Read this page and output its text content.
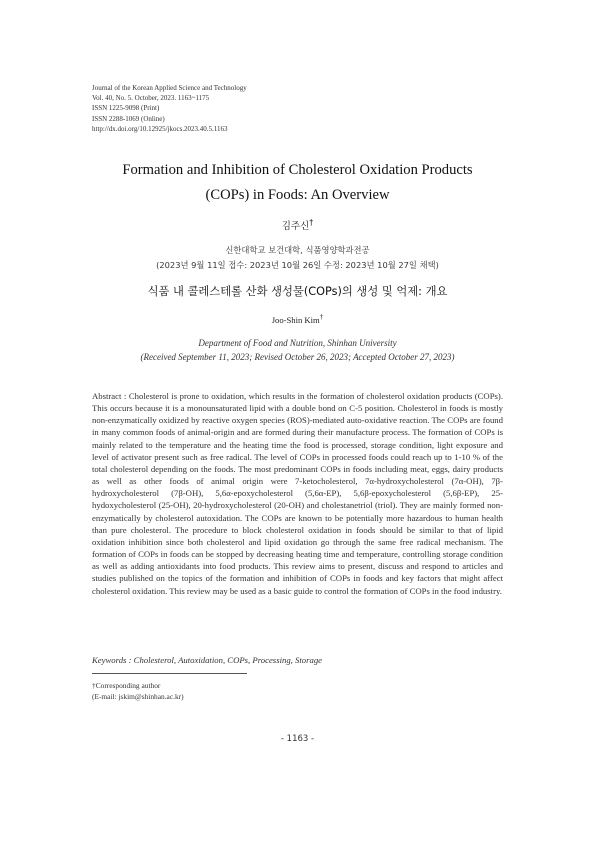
Journal of the Korean Applied Science and Technology
Vol. 40, No. 5. October, 2023. 1163~1175
ISSN 1225-9098 (Print)
ISSN 2288-1069 (Online)
http://dx.doi.org/10.12925/jkocs.2023.40.5.1163
Formation and Inhibition of Cholesterol Oxidation Products
(COPs) in Foods: An Overview
김주신†
신한대학교 보건대학, 식품영양학과전공
(2023년 9월 11일 접수: 2023년 10월 26일 수정: 2023년 10월 27일 채택)
식품 내 콜레스테롤 산화 생성물(COPs)의 생성 및 억제: 개요
Joo-Shin Kim†
Department of Food and Nutrition, Shinhan University
(Received September 11, 2023; Revised October 26, 2023; Accepted October 27, 2023)
Abstract : Cholesterol is prone to oxidation, which results in the formation of cholesterol oxidation products (COPs). This occurs because it is a monounsaturated lipid with a double bond on C-5 position. Cholesterol in foods is mostly non-enzymatically oxidized by reactive oxygen species (ROS)-mediated auto-oxidative reaction. The COPs are found in many common foods of animal-origin and are formed during their manufacture process. The formation of COPs is mainly related to the temperature and the heating time the food is processed, storage condition, light exposure and level of activator present such as free radical. The level of COPs in processed foods could reach up to 1-10 % of the total cholesterol depending on the foods. The most predominant COPs in foods including meat, eggs, dairy products as well as other foods of animal origin were 7-ketocholesterol, 7α-hydroxycholesterol (7α-OH), 7β-hydroxycholesterol (7β-OH), 5,6α-epoxycholesterol (5,6α-EP), 5,6β-epoxycholesterol (5,6β-EP), 25-hydoxycholesterol (25-OH), 20-hydroxycholesterol (20-OH) and cholestanetriol (triol). They are mainly formed non-enzymatically by cholesterol autoxidation. The COPs are known to be potentially more hazardous to human health than pure cholesterol. The procedure to block cholesterol oxidation in foods should be similar to that of lipid oxidation inhibition since both cholesterol and lipid oxidation go through the same free radical mechanism. The formation of COPs in foods can be stopped by decreasing heating time and temperature, controlling storage condition as well as adding antioxidants into food products. This review aims to present, discuss and respond to articles and studies published on the topics of the formation and inhibition of COPs in foods and key factors that might affect cholesterol oxidation. This review may be used as a basic guide to control the formation of COPs in the food industry.
Keywords : Cholesterol, Autoxidation, COPs, Processing, Storage
†Corresponding author
(E-mail: jskim@shinhan.ac.kr)
- 1163 -
